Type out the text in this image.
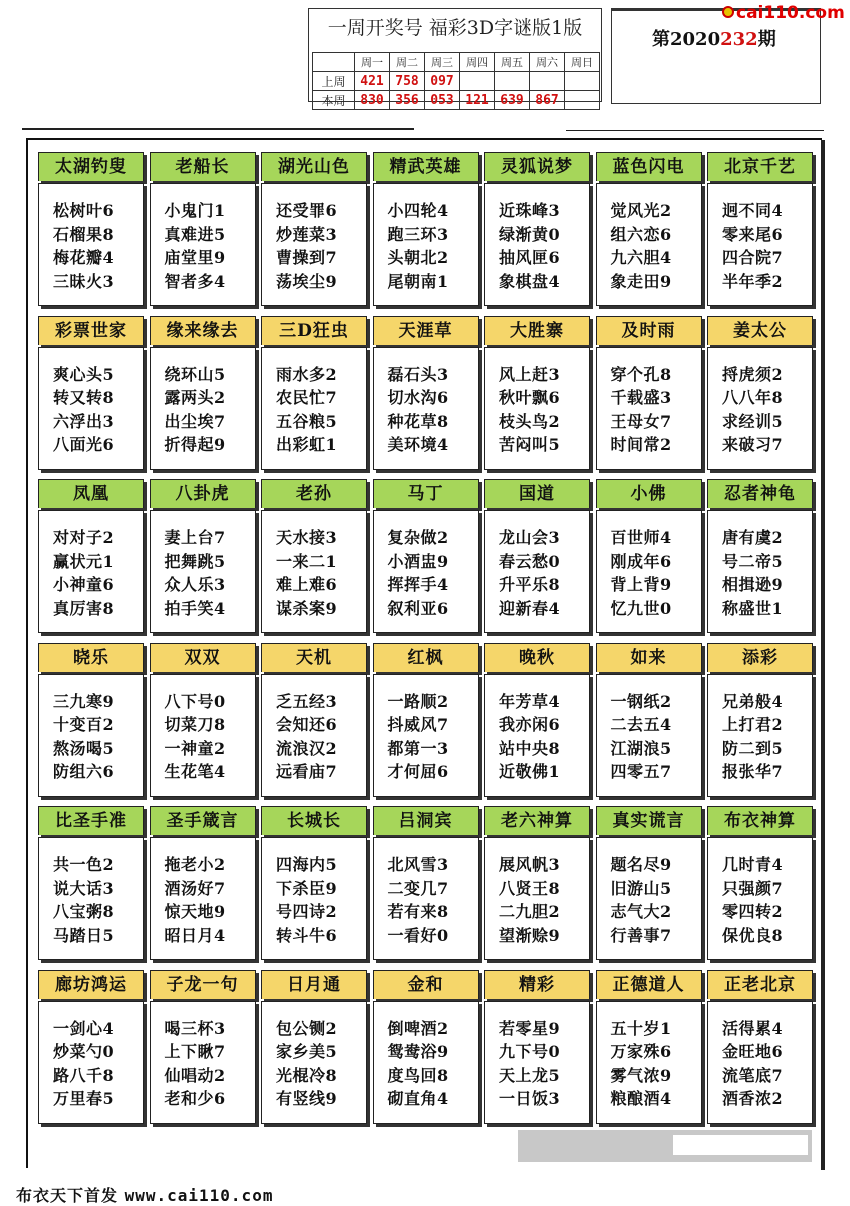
一周开奖号 福彩3D字谜版1版
	周一	周二	周三	周四	周五	周六	周日
上周	421	758	097				
本周	830	356	053	121	639	867	
第2020232期
cai110.com
太湖钓叟
松树叶6
石榴果8
梅花瓣4
三昧火3
老船长
小鬼门1
真难进5
庙堂里9
智者多4
湖光山色
还受罪6
炒莲菜3
曹操到7
荡埃尘9
精武英雄
小四轮4
跑三环3
头朝北2
尾朝南1
灵狐说梦
近珠峰3
绿渐黄0
抽风匣6
象棋盘4
蓝色闪电
觉风光2
组六恋6
九六胆4
象走田9
北京千艺
迥不同4
零来尾6
四合院7
半年季2
彩票世家
爽心头5
转又转8
六浮出3
八面光6
缘来缘去
绕环山5
露两头2
出尘埃7
折得起9
三D狂虫
雨水多2
农民忙7
五谷粮5
出彩虹1
天涯草
磊石头3
切水沟6
种花草8
美环境4
大胜寨
风上赶3
秋叶飘6
枝头鸟2
苦闷叫5
及时雨
穿个孔8
千载盛3
王母女7
时间常2
姜太公
捋虎须2
八八年8
求经训5
来破习7
凤凰
对对子2
赢状元1
小神童6
真厉害8
八卦虎
妻上台7
把舞跳5
众人乐3
拍手笑4
老孙
天水接3
一来二1
难上难6
谋杀案9
马丁
复杂做2
小酒盅9
挥挥手4
叙利亚6
国道
龙山会3
春云愁0
升平乐8
迎新春4
小佛
百世师4
刚成年6
背上背9
忆九世0
忍者神龟
唐有虞2
号二帝5
相揖逊9
称盛世1
晓乐
三九寒9
十变百2
熬汤喝5
防组六6
双双
八下号0
切菜刀8
一神童2
生花笔4
天机
乏五经3
会知还6
流浪汉2
远看庙7
红枫
一路顺2
抖威风7
都第一3
才何屈6
晚秋
年芳草4
我亦闲6
站中央8
近敬佛1
如来
一钢纸2
二去五4
江湖浪5
四零五7
添彩
兄弟般4
上打君2
防二到5
报张华7
比圣手准
共一色2
说大话3
八宝粥8
马踏日5
圣手箴言
拖老小2
酒汤好7
惊天地9
昭日月4
长城长
四海内5
下杀臣9
号四诗2
转斗牛6
吕洞宾
北风雪3
二变几7
若有来8
一看好0
老六神算
展风帆3
八贤王8
二九胆2
望渐赊9
真实谎言
题名尽9
旧游山5
志气大2
行善事7
布衣神算
几时青4
只强颜7
零四转2
保优良8
廊坊鸿运
一剑心4
炒菜勺0
路八千8
万里春5
子龙一句
喝三杯3
上下瞅7
仙唱动2
老和少6
日月通
包公铡2
家乡美5
光棍冷8
有竖线9
金和
倒啤酒2
鸳鸯浴9
度鸟回8
砌直角4
精彩
若零星9
九下号0
天上龙5
一日饭3
正德道人
五十岁1
万家殊6
雾气浓9
粮酿酒4
正老北京
活得累4
金旺地6
流笔底7
酒香浓2
布衣天下首发 www.cai110.com
